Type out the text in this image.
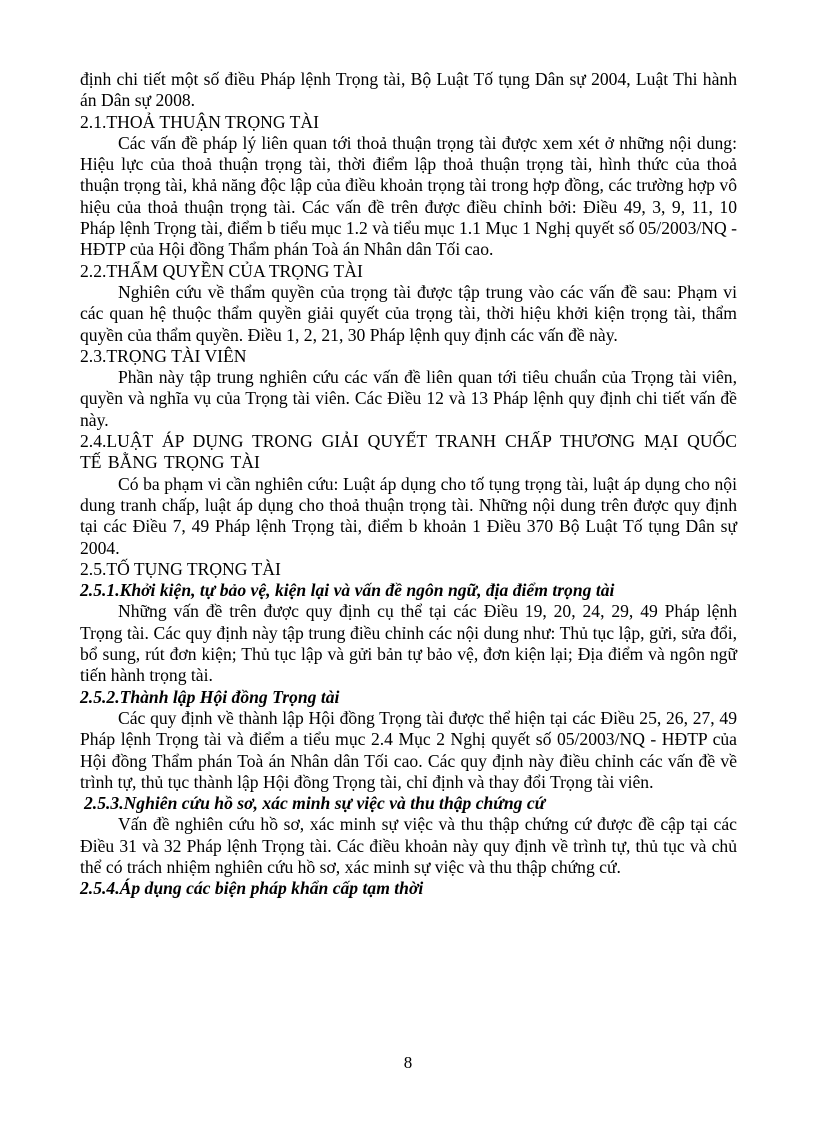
định chi tiết một số điều Pháp lệnh Trọng tài, Bộ Luật Tố tụng Dân sự 2004, Luật Thi hành án Dân sự 2008.

2.1.THOẢ THUẬN TRỌNG TÀI

Các vấn đề pháp lý liên quan tới thoả thuận trọng tài được xem xét ở những nội dung: Hiệu lực của thoả thuận trọng tài, thời điểm lập thoả thuận trọng tài, hình thức của thoả thuận trọng tài, khả năng độc lập của điều khoản trọng tài trong hợp đồng, các trường hợp vô hiệu của thoả thuận trọng tài. Các vấn đề trên được điều chỉnh bởi: Điều 49, 3, 9, 11, 10 Pháp lệnh Trọng tài, điểm b tiểu mục 1.2 và tiểu mục 1.1 Mục 1 Nghị quyết số 05/2003/NQ - HĐTP của Hội đồng Thẩm phán Toà án Nhân dân Tối cao.

2.2.THẨM QUYỀN CỦA TRỌNG TÀI

Nghiên cứu về thẩm quyền của trọng tài được tập trung vào các vấn đề sau: Phạm vi các quan hệ thuộc thẩm quyền giải quyết của trọng tài, thời hiệu khởi kiện trọng tài, thẩm quyền của thẩm quyền. Điều 1, 2, 21, 30 Pháp lệnh quy định các vấn đề này.

2.3.TRỌNG TÀI VIÊN

Phần này tập trung nghiên cứu các vấn đề liên quan tới tiêu chuẩn của Trọng tài viên, quyền và nghĩa vụ của Trọng tài viên. Các Điều 12 và 13 Pháp lệnh quy định chi tiết vấn đề này.

2.4.LUẬT ÁP DỤNG TRONG GIẢI QUYẾT TRANH CHẤP THƯƠNG MẠI QUỐC TẾ BẰNG TRỌNG TÀI

Có ba phạm vi cần nghiên cứu: Luật áp dụng cho tố tụng trọng tài, luật áp dụng cho nội dung tranh chấp, luật áp dụng cho thoả thuận trọng tài. Những nội dung trên được quy định tại các Điều 7, 49 Pháp lệnh Trọng tài, điểm b khoản 1 Điều 370 Bộ Luật Tố tụng Dân sự 2004.

2.5.TỐ TỤNG TRỌNG TÀI

2.5.1.Khởi kiện, tự bảo vệ, kiện lại và vấn đề ngôn ngữ, địa điểm trọng tài

Những vấn đề trên được quy định cụ thể tại các Điều 19, 20, 24, 29, 49 Pháp lệnh Trọng tài. Các quy định này tập trung điều chỉnh các nội dung như: Thủ tục lập, gửi, sửa đổi, bổ sung, rút đơn kiện; Thủ tục lập và gửi bản tự bảo vệ, đơn kiện lại; Địa điểm và ngôn ngữ tiến hành trọng tài.

2.5.2.Thành lập Hội đồng Trọng tài

Các quy định về thành lập Hội đồng Trọng tài được thể hiện tại các Điều 25, 26, 27, 49 Pháp lệnh Trọng tài và điểm a tiểu mục 2.4 Mục 2 Nghị quyết số 05/2003/NQ - HĐTP của Hội đồng Thẩm phán Toà án Nhân dân Tối cao. Các quy định này điều chỉnh các vấn đề về trình tự, thủ tục thành lập Hội đồng Trọng tài, chỉ định và thay đổi Trọng tài viên.

2.5.3.Nghiên cứu hồ sơ, xác minh sự việc và thu thập chứng cứ

Vấn đề nghiên cứu hồ sơ, xác minh sự việc và thu thập chứng cứ được đề cập tại các Điều 31 và 32 Pháp lệnh Trọng tài. Các điều khoản này quy định về trình tự, thủ tục và chủ thể có trách nhiệm nghiên cứu hồ sơ, xác minh sự việc và thu thập chứng cứ.

2.5.4.Áp dụng các biện pháp khẩn cấp tạm thời

8
